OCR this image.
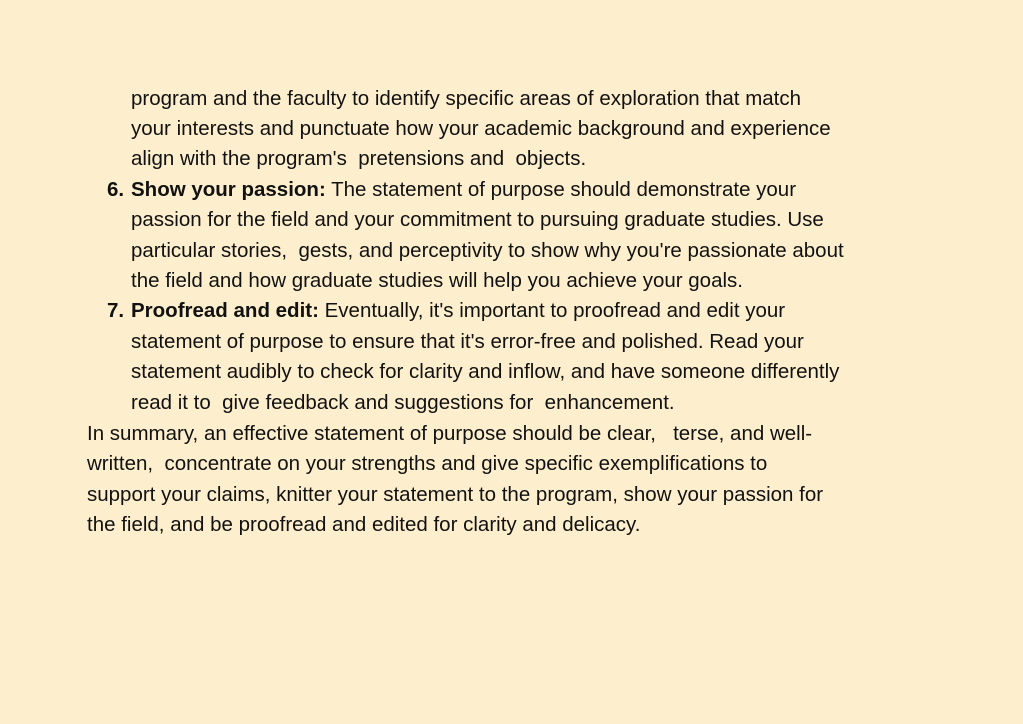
program and the faculty to identify specific areas of exploration that match
your interests and punctuate how your academic background and experience
align with the program's  pretensions and  objects.
6. Show your passion: The statement of purpose should demonstrate your
passion for the field and your commitment to pursuing graduate studies. Use
particular stories,  gests, and perceptivity to show why you're passionate about
the field and how graduate studies will help you achieve your goals.
7. Proofread and edit: Eventually, it's important to proofread and edit your
statement of purpose to ensure that it's error-free and polished. Read your
statement audibly to check for clarity and inflow, and have someone differently
read it to  give feedback and suggestions for  enhancement.
In summary, an effective statement of purpose should be clear,   terse, and well-
written,  concentrate on your strengths and give specific exemplifications to
support your claims, knitter your statement to the program, show your passion for
the field, and be proofread and edited for clarity and delicacy.
